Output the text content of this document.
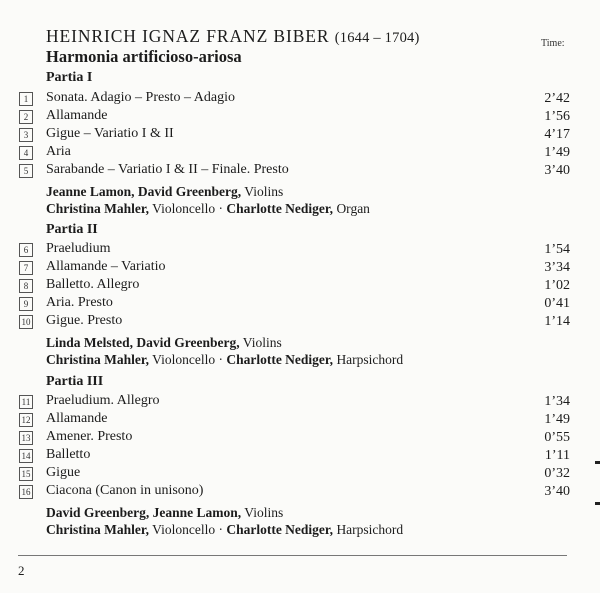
HEINRICH IGNAZ FRANZ BIBER (1644 – 1704)	Time:
Harmonia artificioso-ariosa
Partia I
1	Sonata. Adagio – Presto – Adagio	2’42
2	Allamande	1’56
3	Gigue – Variatio I & II	4’17
4	Aria	1’49
5	Sarabande – Variatio I & II – Finale. Presto	3’40
Jeanne Lamon, David Greenberg, Violins
Christina Mahler, Violoncello · Charlotte Nediger, Organ
Partia II
6	Praeludium	1’54
7	Allamande – Variatio	3’34
8	Balletto. Allegro	1’02
9	Aria. Presto	0’41
10 Gigue. Presto	1’14
Linda Melsted, David Greenberg, Violins
Christina Mahler, Violoncello · Charlotte Nediger, Harpsichord
Partia III
11 Praeludium. Allegro	1’34
12 Allamande	1’49
13 Amener. Presto	0’55
14 Balletto	1’11
15 Gigue	0’32
16 Ciacona (Canon in unisono)	3’40
David Greenberg, Jeanne Lamon, Violins
Christina Mahler, Violoncello · Charlotte Nediger, Harpsichord
2
